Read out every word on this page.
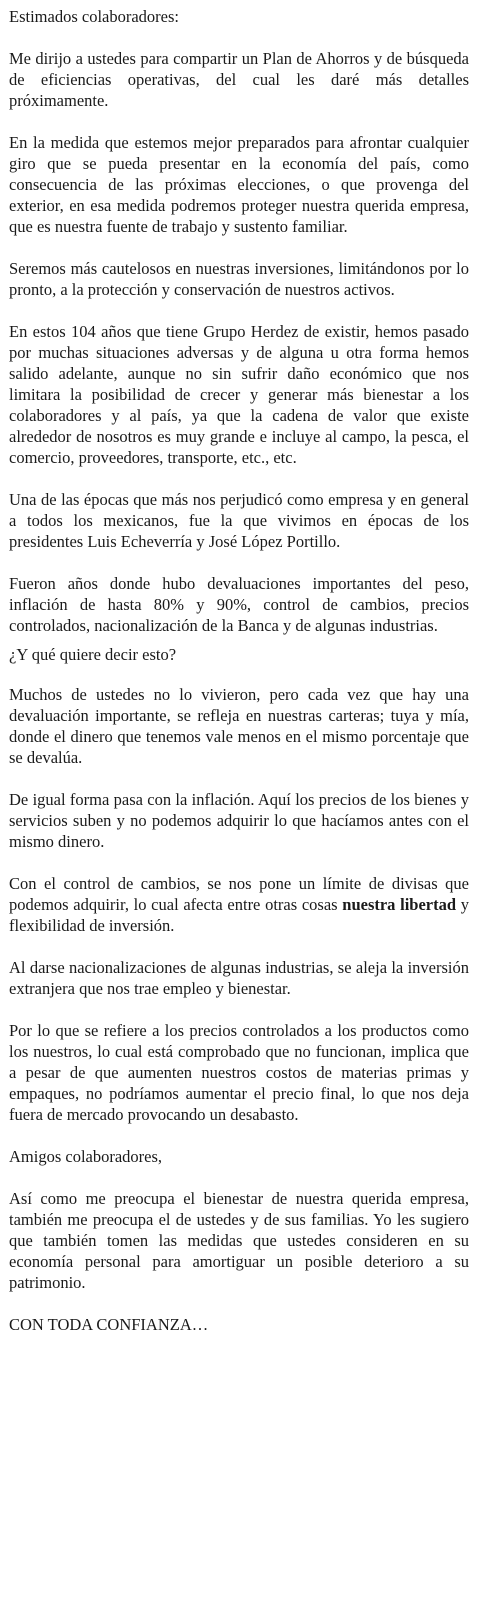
Estimados colaboradores:

Me dirijo a ustedes para compartir un Plan de Ahorros y de búsqueda de eficiencias operativas, del cual les daré más detalles próximamente.

En la medida que estemos mejor preparados para afrontar cualquier giro que se pueda presentar en la economía del país, como consecuencia de las próximas elecciones, o que provenga del exterior, en esa medida podremos proteger nuestra querida empresa, que es nuestra fuente de trabajo y sustento familiar.

Seremos más cautelosos en nuestras inversiones, limitándonos por lo pronto, a la protección y conservación de nuestros activos.

En estos 104 años que tiene Grupo Herdez de existir, hemos pasado por muchas situaciones adversas y de alguna u otra forma hemos salido adelante, aunque no sin sufrir daño económico que nos limitara la posibilidad de crecer y generar más bienestar a los colaboradores y al país, ya que la cadena de valor que existe alrededor de nosotros es muy grande e incluye al campo, la pesca, el comercio, proveedores, transporte, etc., etc.

Una de las épocas que más nos perjudicó como empresa y en general a todos los mexicanos, fue la que vivimos en épocas de los presidentes Luis Echeverría y José López Portillo.

Fueron años donde hubo devaluaciones importantes del peso, inflación de hasta 80% y 90%, control de cambios, precios controlados, nacionalización de la Banca y de algunas industrias.

¿Y qué quiere decir esto?

Muchos de ustedes no lo vivieron, pero cada vez que hay una devaluación importante, se refleja en nuestras carteras; tuya y mía, donde el dinero que tenemos vale menos en el mismo porcentaje que se devalúa.

De igual forma pasa con la inflación. Aquí los precios de los bienes y servicios suben y no podemos adquirir lo que hacíamos antes con el mismo dinero.

Con el control de cambios, se nos pone un límite de divisas que podemos adquirir, lo cual afecta entre otras cosas nuestra libertad y flexibilidad de inversión.

Al darse nacionalizaciones de algunas industrias, se aleja la inversión extranjera que nos trae empleo y bienestar.

Por lo que se refiere a los precios controlados a los productos como los nuestros, lo cual está comprobado que no funcionan, implica que a pesar de que aumenten nuestros costos de materias primas y empaques, no podríamos aumentar el precio final, lo que nos deja fuera de mercado provocando un desabasto.

Amigos colaboradores,

Así como me preocupa el bienestar de nuestra querida empresa, también me preocupa el de ustedes y de sus familias. Yo les sugiero que también tomen las medidas que ustedes consideren en su economía personal para amortiguar un posible deterioro a su patrimonio.

CON TODA CONFIANZA…
